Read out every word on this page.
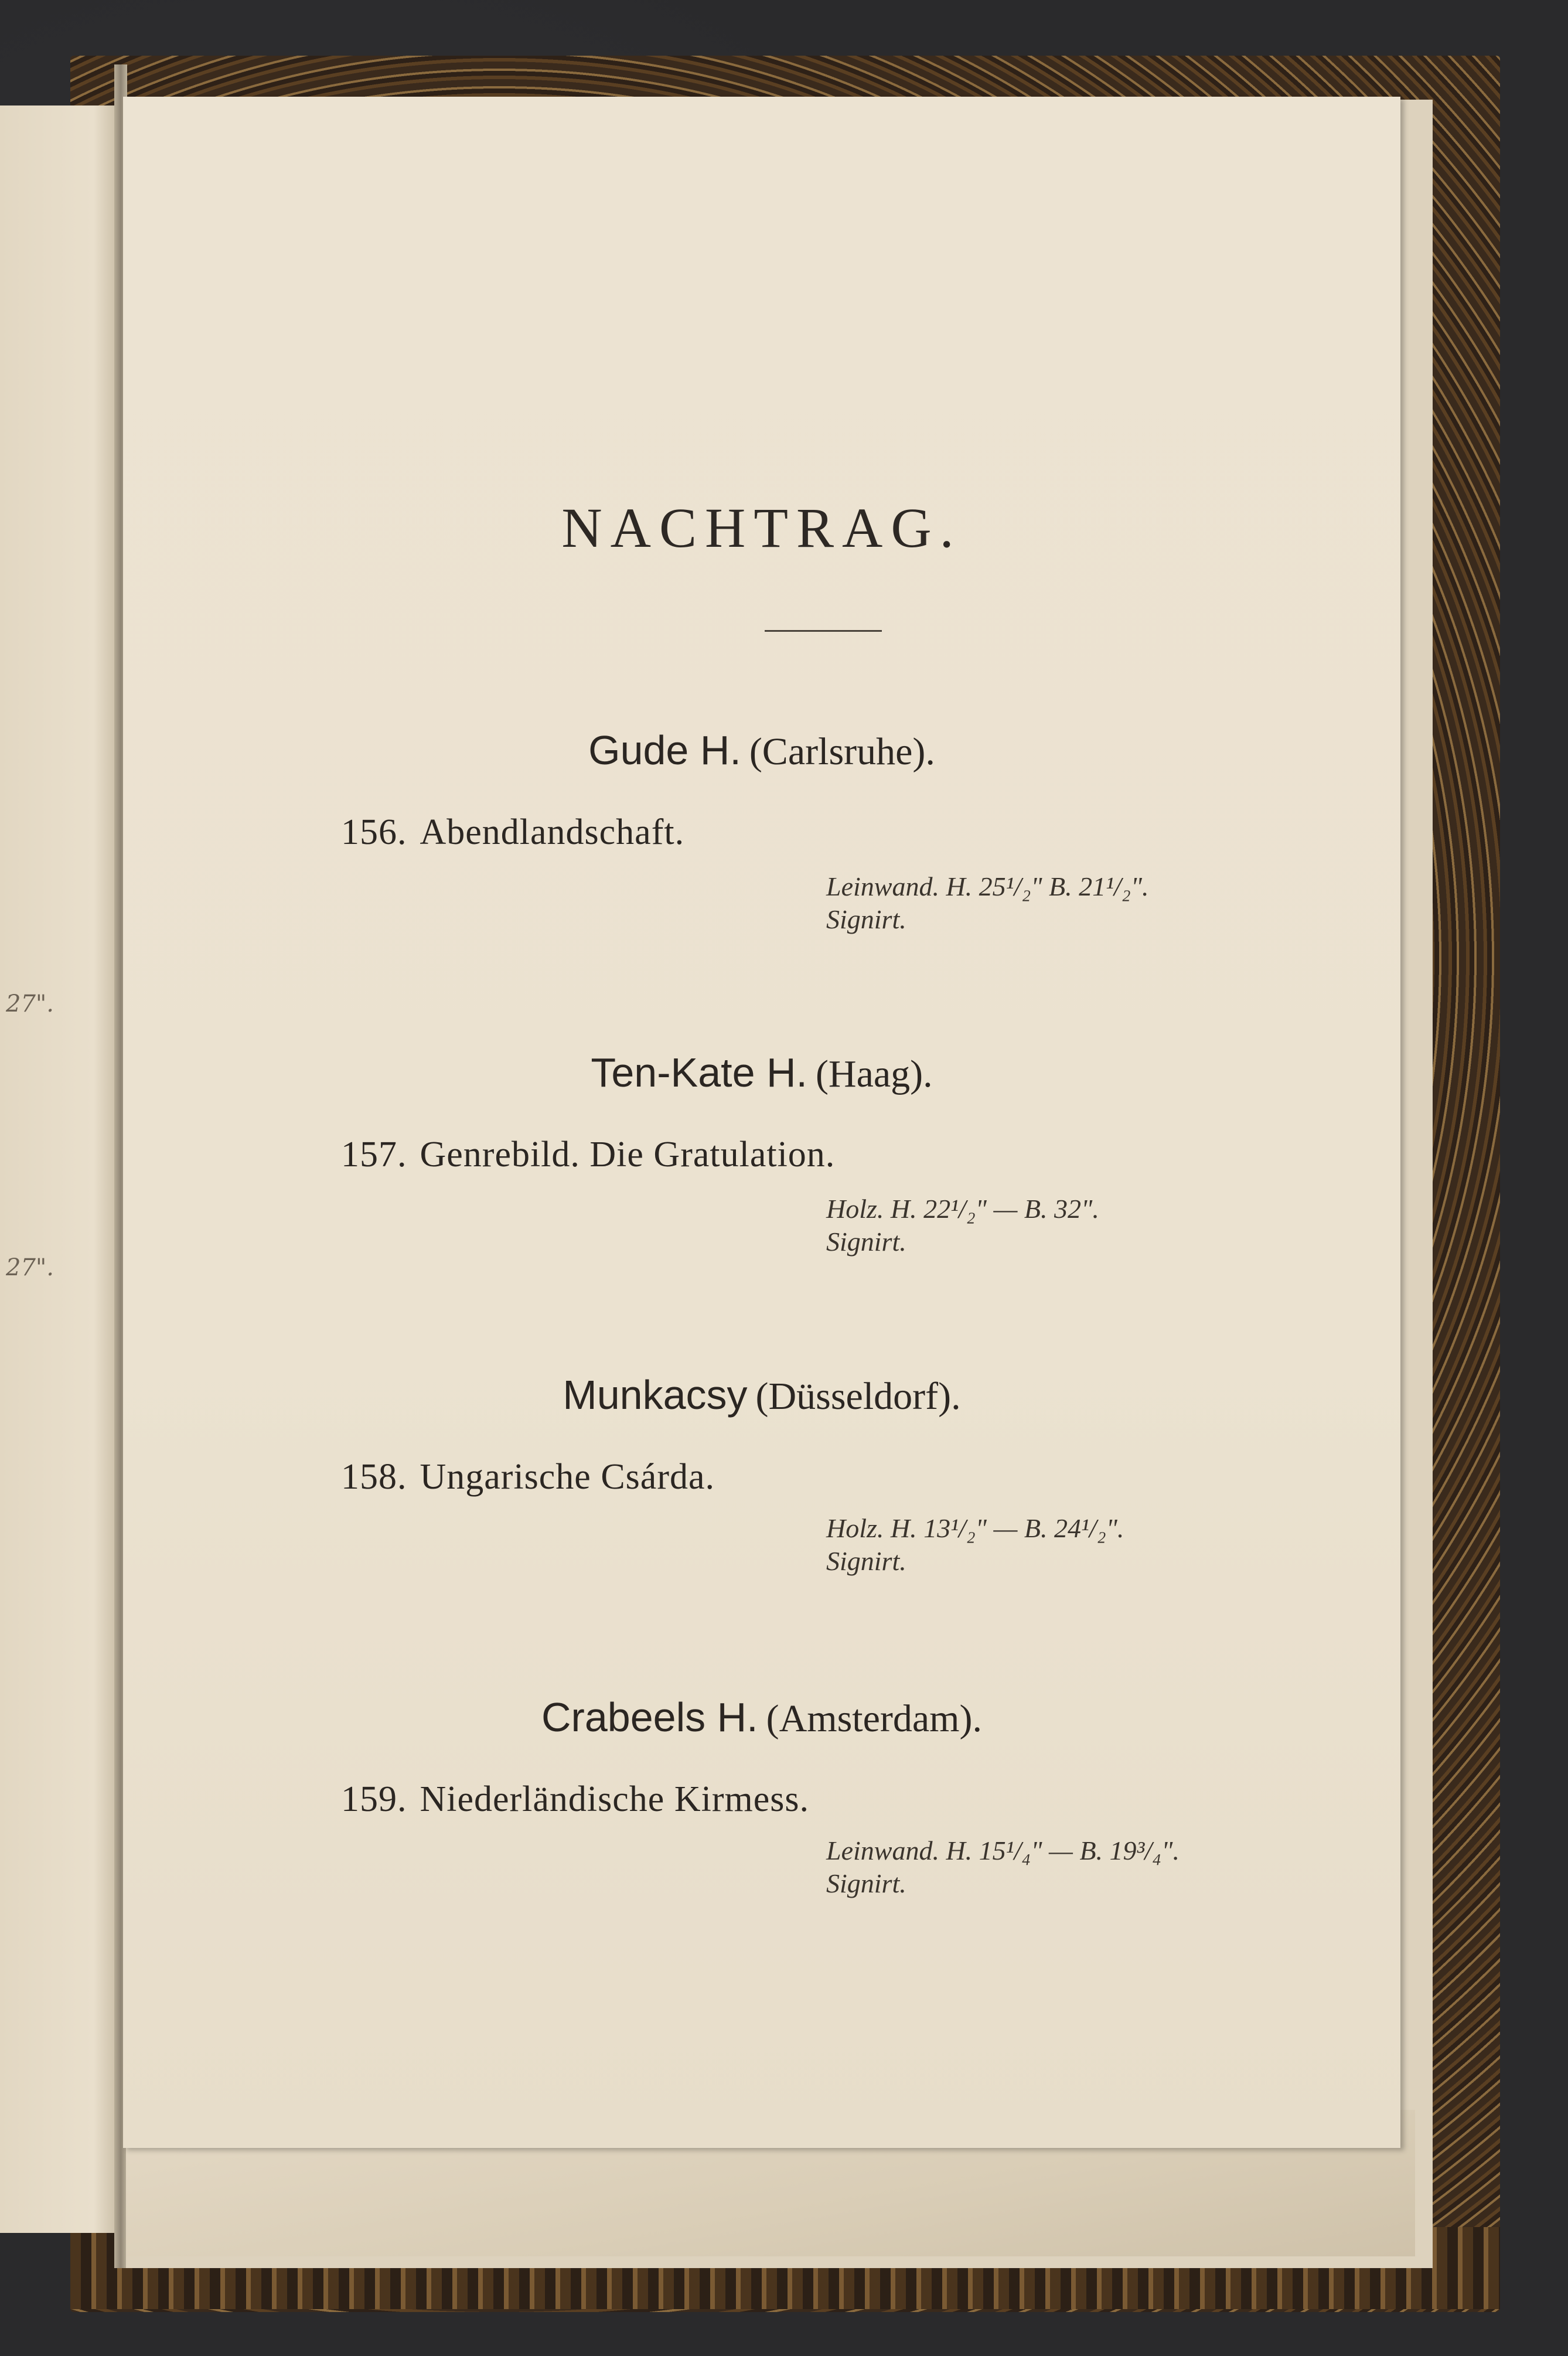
27".
27".
NACHTRAG.
Gude H. (Carlsruhe).
156. Abendlandschaft.
Leinwand. H. 25¹/₂" B. 21¹/₂".
Signirt.
Ten-Kate H. (Haag).
157. Genrebild. Die Gratulation.
Holz. H. 22¹/₂" — B. 32".
Signirt.
Munkacsy (Düsseldorf).
158. Ungarische Csárda.
Holz. H. 13¹/₂" — B. 24¹/₂".
Signirt.
Crabeels H. (Amsterdam).
159. Niederländische Kirmess.
Leinwand. H. 15¹/₄" — B. 19³/₄".
Signirt.
